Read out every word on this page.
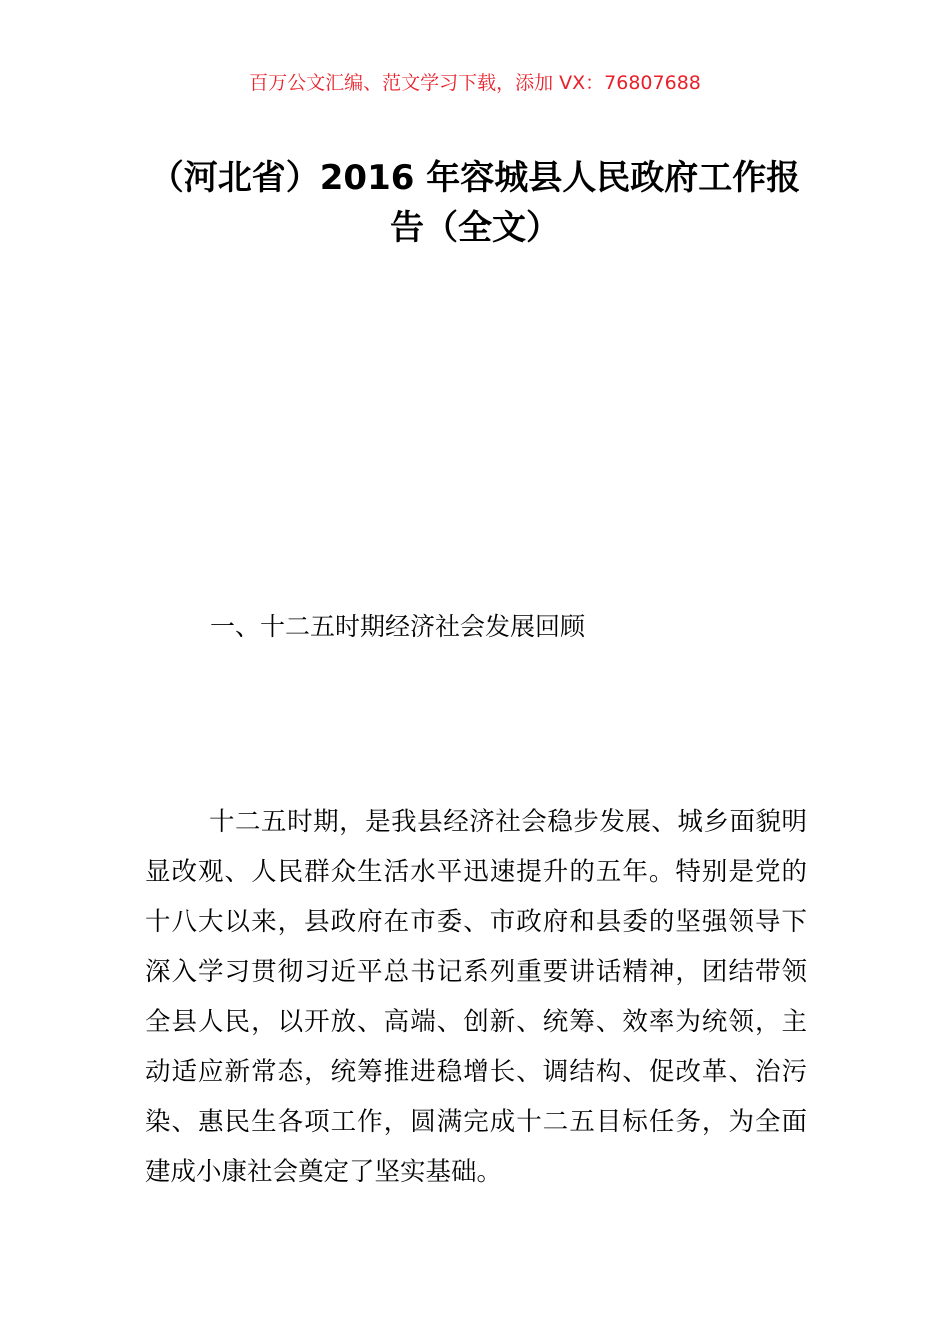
百万公文汇编、范文学习下载，添加 VX：76807688
（河北省）2016 年容城县人民政府工作报
告（全文）
一、十二五时期经济社会发展回顾
十二五时期，是我县经济社会稳步发展、城乡面貌明
显改观、人民群众生活水平迅速提升的五年。特别是党的
十八大以来，县政府在市委、市政府和县委的坚强领导下
深入学习贯彻习近平总书记系列重要讲话精神，团结带领
全县人民，以开放、高端、创新、统筹、效率为统领，主
动适应新常态，统筹推进稳增长、调结构、促改革、治污
染、惠民生各项工作，圆满完成十二五目标任务，为全面
建成小康社会奠定了坚实基础。
